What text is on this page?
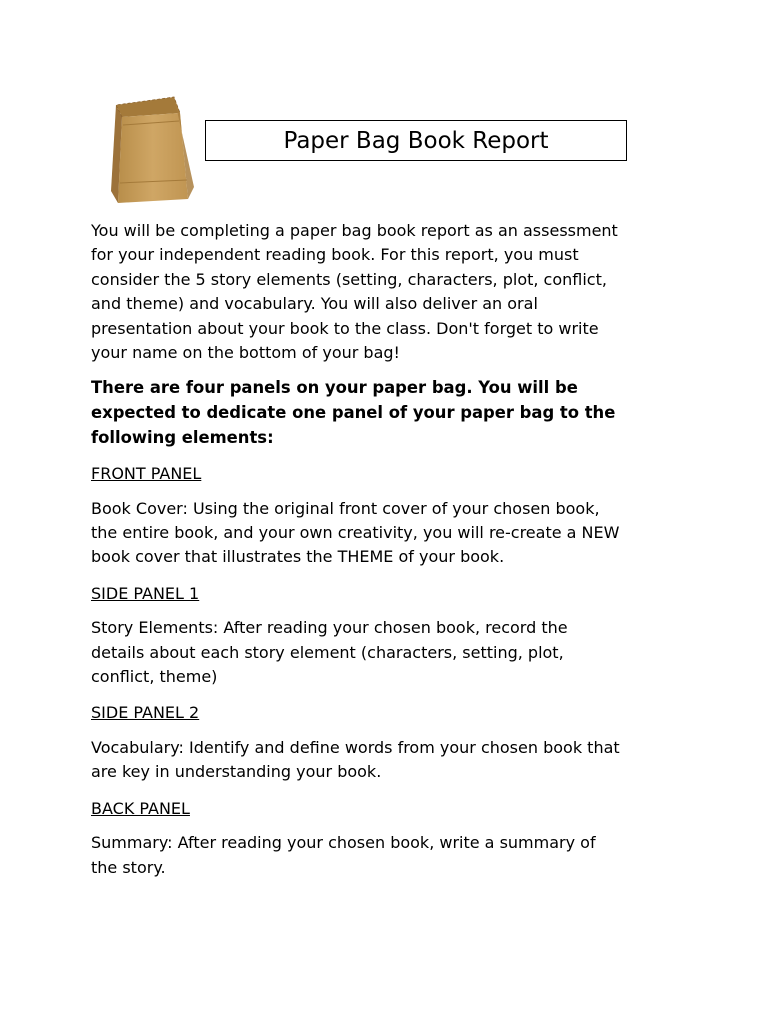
Paper Bag Book Report

You will be completing a paper bag book report as an assessment
for your independent reading book. For this report, you must
consider the 5 story elements (setting, characters, plot, conflict,
and theme) and vocabulary. You will also deliver an oral
presentation about your book to the class. Don't forget to write
your name on the bottom of your bag!

There are four panels on your paper bag. You will be
expected to dedicate one panel of your paper bag to the
following elements:

FRONT PANEL

Book Cover: Using the original front cover of your chosen book,
the entire book, and your own creativity, you will re-create a NEW
book cover that illustrates the THEME of your book.

SIDE PANEL 1

Story Elements: After reading your chosen book, record the
details about each story element (characters, setting, plot,
conflict, theme)

SIDE PANEL 2

Vocabulary: Identify and define words from your chosen book that
are key in understanding your book.

BACK PANEL

Summary: After reading your chosen book, write a summary of
the story.
